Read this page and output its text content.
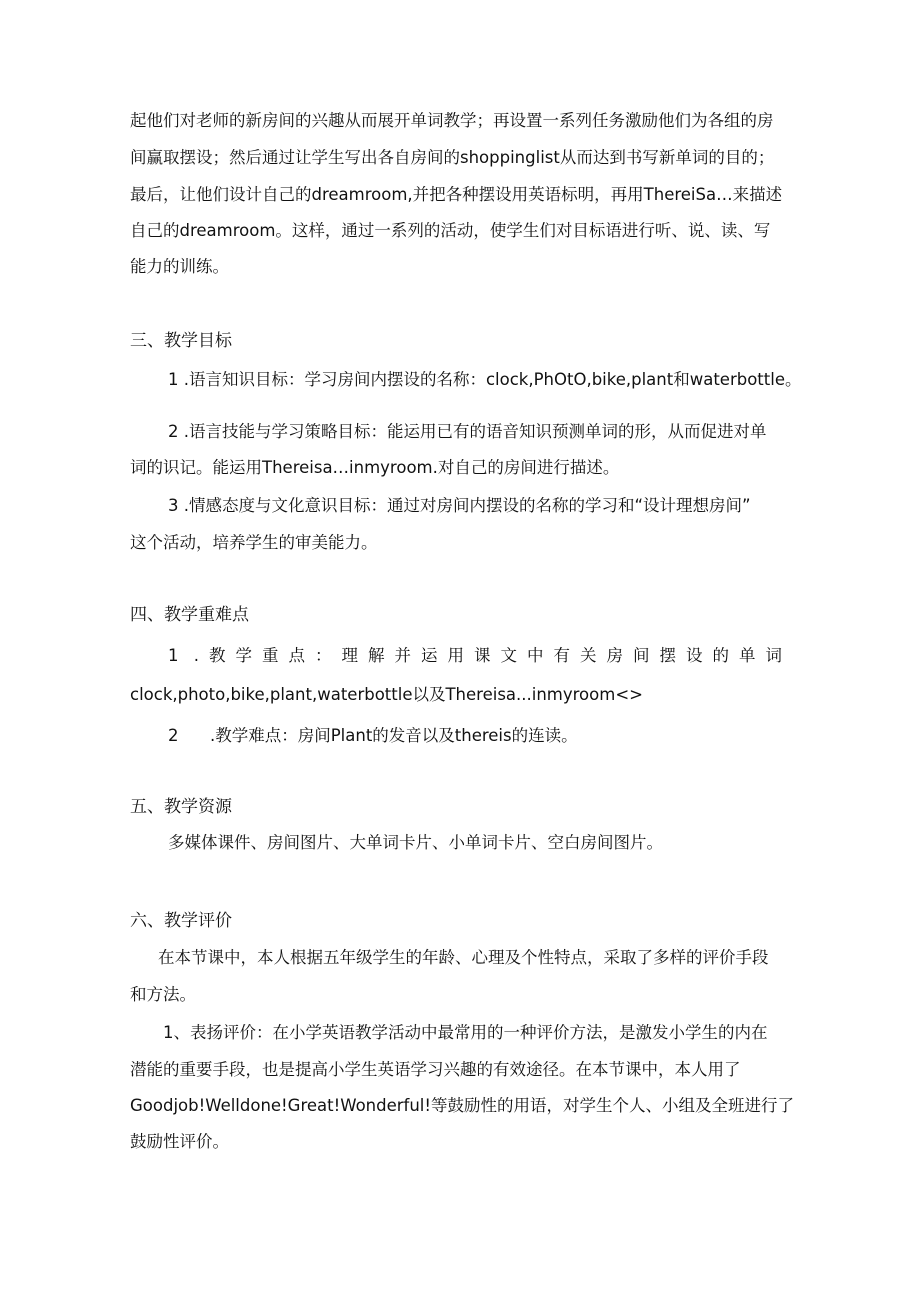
起他们对老师的新房间的兴趣从而展开单词教学；再设置一系列任务激励他们为各组的房
间赢取摆设；然后通过让学生写出各自房间的shoppinglist从而达到书写新单词的目的；
最后，让他们设计自己的dreamroom,并把各种摆设用英语标明，再用ThereiSa…来描述
自己的dreamroom。这样，通过一系列的活动，使学生们对目标语进行听、说、读、写
能力的训练。
三、教学目标
1 .语言知识目标：学习房间内摆设的名称：clock,PhOtO,bike,plant和waterbottle。
2 .语言技能与学习策略目标：能运用已有的语音知识预测单词的形，从而促进对单
词的识记。能运用Thereisa…inmyroom.对自己的房间进行描述。
3 .情感态度与文化意识目标：通过对房间内摆设的名称的学习和“设计理想房间”
这个活动，培养学生的审美能力。
四、教学重难点
1 .教学重点：理解并运用课文中有关房间摆设的单词
clock,photo,bike,plant,waterbottle以及Thereisa...inmyroom<>
2      .教学难点：房间Plant的发音以及thereis的连读。
五、教学资源
多媒体课件、房间图片、大单词卡片、小单词卡片、空白房间图片。
六、教学评价
在本节课中，本人根据五年级学生的年龄、心理及个性特点，采取了多样的评价手段
和方法。
1、表扬评价：在小学英语教学活动中最常用的一种评价方法，是激发小学生的内在
潜能的重要手段，也是提高小学生英语学习兴趣的有效途径。在本节课中，本人用了
Goodjob!Welldone!Great!Wonderful!等鼓励性的用语，对学生个人、小组及全班进行了
鼓励性评价。
